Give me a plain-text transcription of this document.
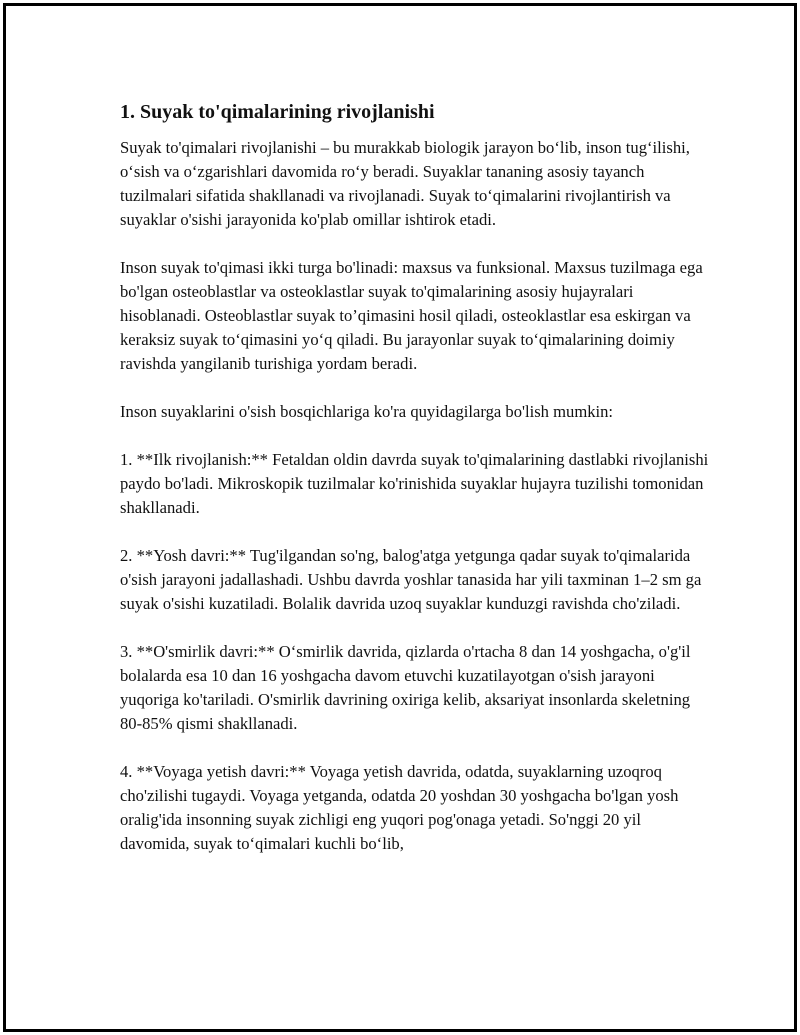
1. Suyak to'qimalarining rivojlanishi

Suyak to'qimalari rivojlanishi – bu murakkab biologik jarayon bo‘lib, inson tug‘ilishi, o‘sish va o‘zgarishlari davomida ro‘y beradi. Suyaklar tananing asosiy tayanch tuzilmalari sifatida shakllanadi va rivojlanadi. Suyak to‘qimalarini rivojlantirish va suyaklar o'sishi jarayonida ko'plab omillar ishtirok etadi.

Inson suyak to'qimasi ikki turga bo'linadi: maxsus va funksional. Maxsus tuzilmaga ega bo'lgan osteoblastlar va osteoklastlar suyak to'qimalarining asosiy hujayralari hisoblanadi. Osteoblastlar suyak to’qimasini hosil qiladi, osteoklastlar esa eskirgan va keraksiz suyak to‘qimasini yo‘q qiladi. Bu jarayonlar suyak to‘qimalarining doimiy ravishda yangilanib turishiga yordam beradi.

Inson suyaklarini o'sish bosqichlariga ko'ra quyidagilarga bo'lish mumkin:

1. **Ilk rivojlanish:** Fetaldan oldin davrda suyak to'qimalarining dastlabki rivojlanishi paydo bo'ladi. Mikroskopik tuzilmalar ko'rinishida suyaklar hujayra tuzilishi tomonidan shakllanadi.

2. **Yosh davri:** Tug'ilgandan so'ng, balog'atga yetgunga qadar suyak to'qimalarida o'sish jarayoni jadallashadi. Ushbu davrda yoshlar tanasida har yili taxminan 1–2 sm ga suyak o'sishi kuzatiladi. Bolalik davrida uzoq suyaklar kunduzgi ravishda cho'ziladi.

3. **O'smirlik davri:** O‘smirlik davrida, qizlarda o'rtacha 8 dan 14 yoshgacha, o'g'il bolalarda esa 10 dan 16 yoshgacha davom etuvchi kuzatilayotgan o'sish jarayoni yuqoriga ko'tariladi. O'smirlik davrining oxiriga kelib, aksariyat insonlarda skeletning 80-85% qismi shakllanadi.

4. **Voyaga yetish davri:** Voyaga yetish davrida, odatda, suyaklarning uzoqroq cho'zilishi tugaydi. Voyaga yetganda, odatda 20 yoshdan 30 yoshgacha bo'lgan yosh oralig'ida insonning suyak zichligi eng yuqori pog'onaga yetadi. So'nggi 20 yil davomida, suyak to‘qimalari kuchli bo‘lib,
